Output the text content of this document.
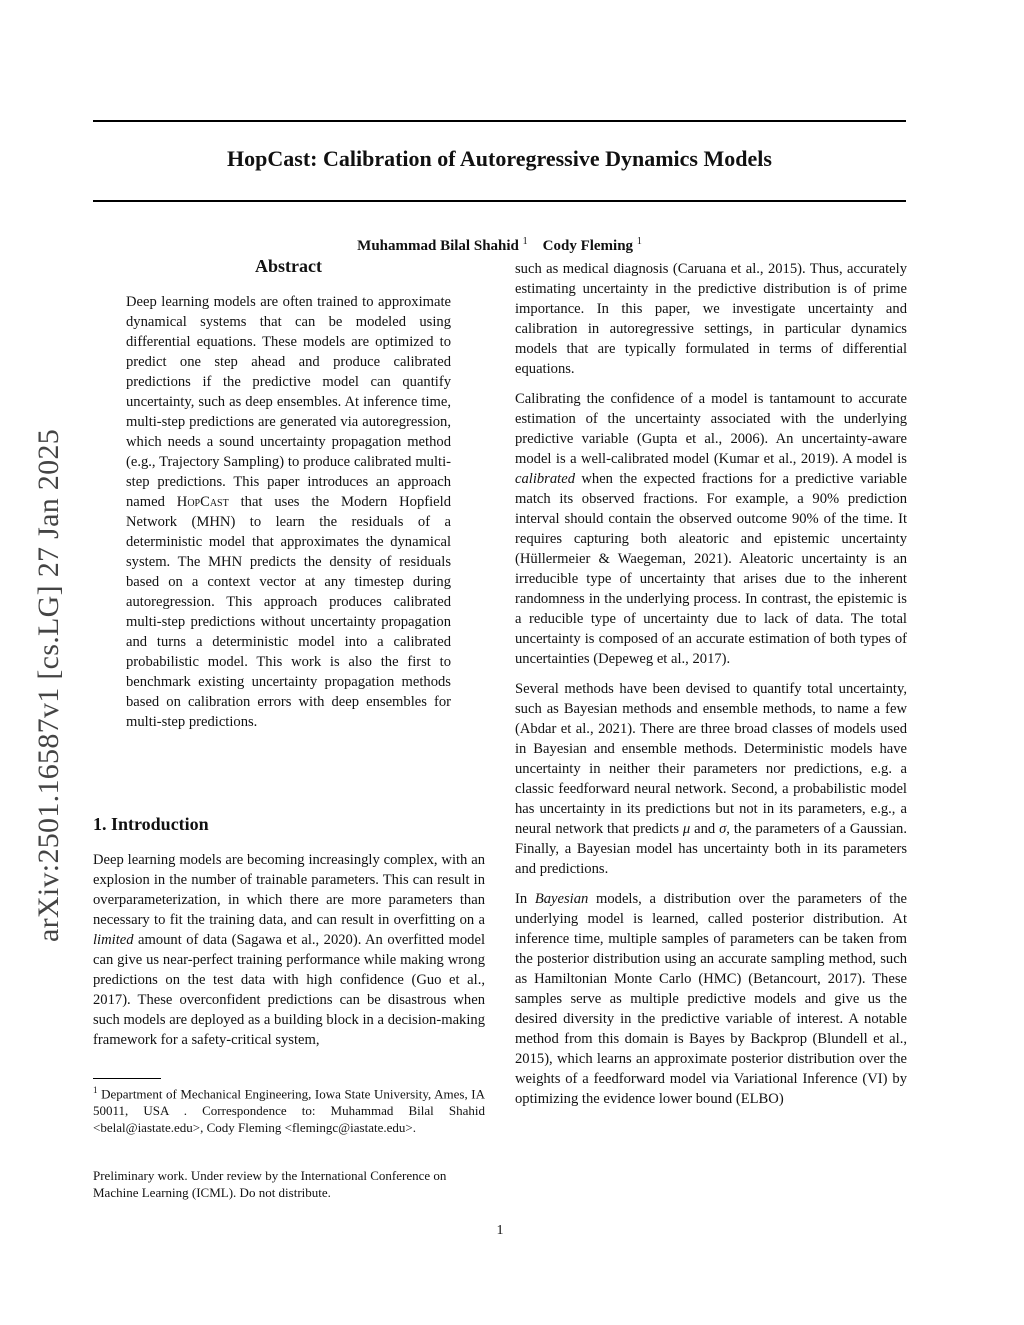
HopCast: Calibration of Autoregressive Dynamics Models
Muhammad Bilal Shahid $^1$ Cody Fleming $^1$
arXiv:2501.16587v1 [cs.LG] 27 Jan 2025
Abstract
Deep learning models are often trained to approximate dynamical systems that can be modeled using differential equations. These models are optimized to predict one step ahead and produce calibrated predictions if the predictive model can quantify uncertainty, such as deep ensembles. At inference time, multi-step predictions are generated via autoregression, which needs a sound uncertainty propagation method (e.g., Trajectory Sampling) to produce calibrated multi-step predictions. This paper introduces an approach named HopCast that uses the Modern Hopfield Network (MHN) to learn the residuals of a deterministic model that approximates the dynamical system. The MHN predicts the density of residuals based on a context vector at any timestep during autoregression. This approach produces calibrated multi-step predictions without uncertainty propagation and turns a deterministic model into a calibrated probabilistic model. This work is also the first to benchmark existing uncertainty propagation methods based on calibration errors with deep ensembles for multi-step predictions.
1. Introduction
Deep learning models are becoming increasingly complex, with an explosion in the number of trainable parameters. This can result in overparameterization, in which there are more parameters than necessary to fit the training data, and can result in overfitting on a limited amount of data (Sagawa et al., 2020). An overfitted model can give us near-perfect training performance while making wrong predictions on the test data with high confidence (Guo et al., 2017). These overconfident predictions can be disastrous when such models are deployed as a building block in a decision-making framework for a safety-critical system,
$^1$ Department of Mechanical Engineering, Iowa State University, Ames, IA 50011, USA . Correspondence to: Muhammad Bilal Shahid <belal@iastate.edu>, Cody Fleming <flemingc@iastate.edu>.
Preliminary work. Under review by the International Conference on Machine Learning (ICML). Do not distribute.

such as medical diagnosis (Caruana et al., 2015). Thus, accurately estimating uncertainty in the predictive distribution is of prime importance. In this paper, we investigate uncertainty and calibration in autoregressive settings, in particular dynamics models that are typically formulated in terms of differential equations.

Calibrating the confidence of a model is tantamount to accurate estimation of the uncertainty associated with the underlying predictive variable (Gupta et al., 2006). An uncertainty-aware model is a well-calibrated model (Kumar et al., 2019). A model is calibrated when the expected fractions for a predictive variable match its observed fractions. For example, a 90% prediction interval should contain the observed outcome 90% of the time. It requires capturing both aleatoric and epistemic uncertainty (Hüllermeier & Waegeman, 2021). Aleatoric uncertainty is an irreducible type of uncertainty that arises due to the inherent randomness in the underlying process. In contrast, the epistemic is a reducible type of uncertainty due to lack of data. The total uncertainty is composed of an accurate estimation of both types of uncertainties (Depeweg et al., 2017).

Several methods have been devised to quantify total uncertainty, such as Bayesian methods and ensemble methods, to name a few (Abdar et al., 2021). There are three broad classes of models used in Bayesian and ensemble methods. Deterministic models have uncertainty in neither their parameters nor predictions, e.g. a classic feedforward neural network. Second, a probabilistic model has uncertainty in its predictions but not in its parameters, e.g., a neural network that predicts μ and σ, the parameters of a Gaussian. Finally, a Bayesian model has uncertainty both in its parameters and predictions.

In Bayesian models, a distribution over the parameters of the underlying model is learned, called posterior distribution. At inference time, multiple samples of parameters can be taken from the posterior distribution using an accurate sampling method, such as Hamiltonian Monte Carlo (HMC) (Betancourt, 2017). These samples serve as multiple predictive models and give us the desired diversity in the predictive variable of interest. A notable method from this domain is Bayes by Backprop (Blundell et al., 2015), which learns an approximate posterior distribution over the weights of a feedforward model via Variational Inference (VI) by optimizing the evidence lower bound (ELBO)

1
